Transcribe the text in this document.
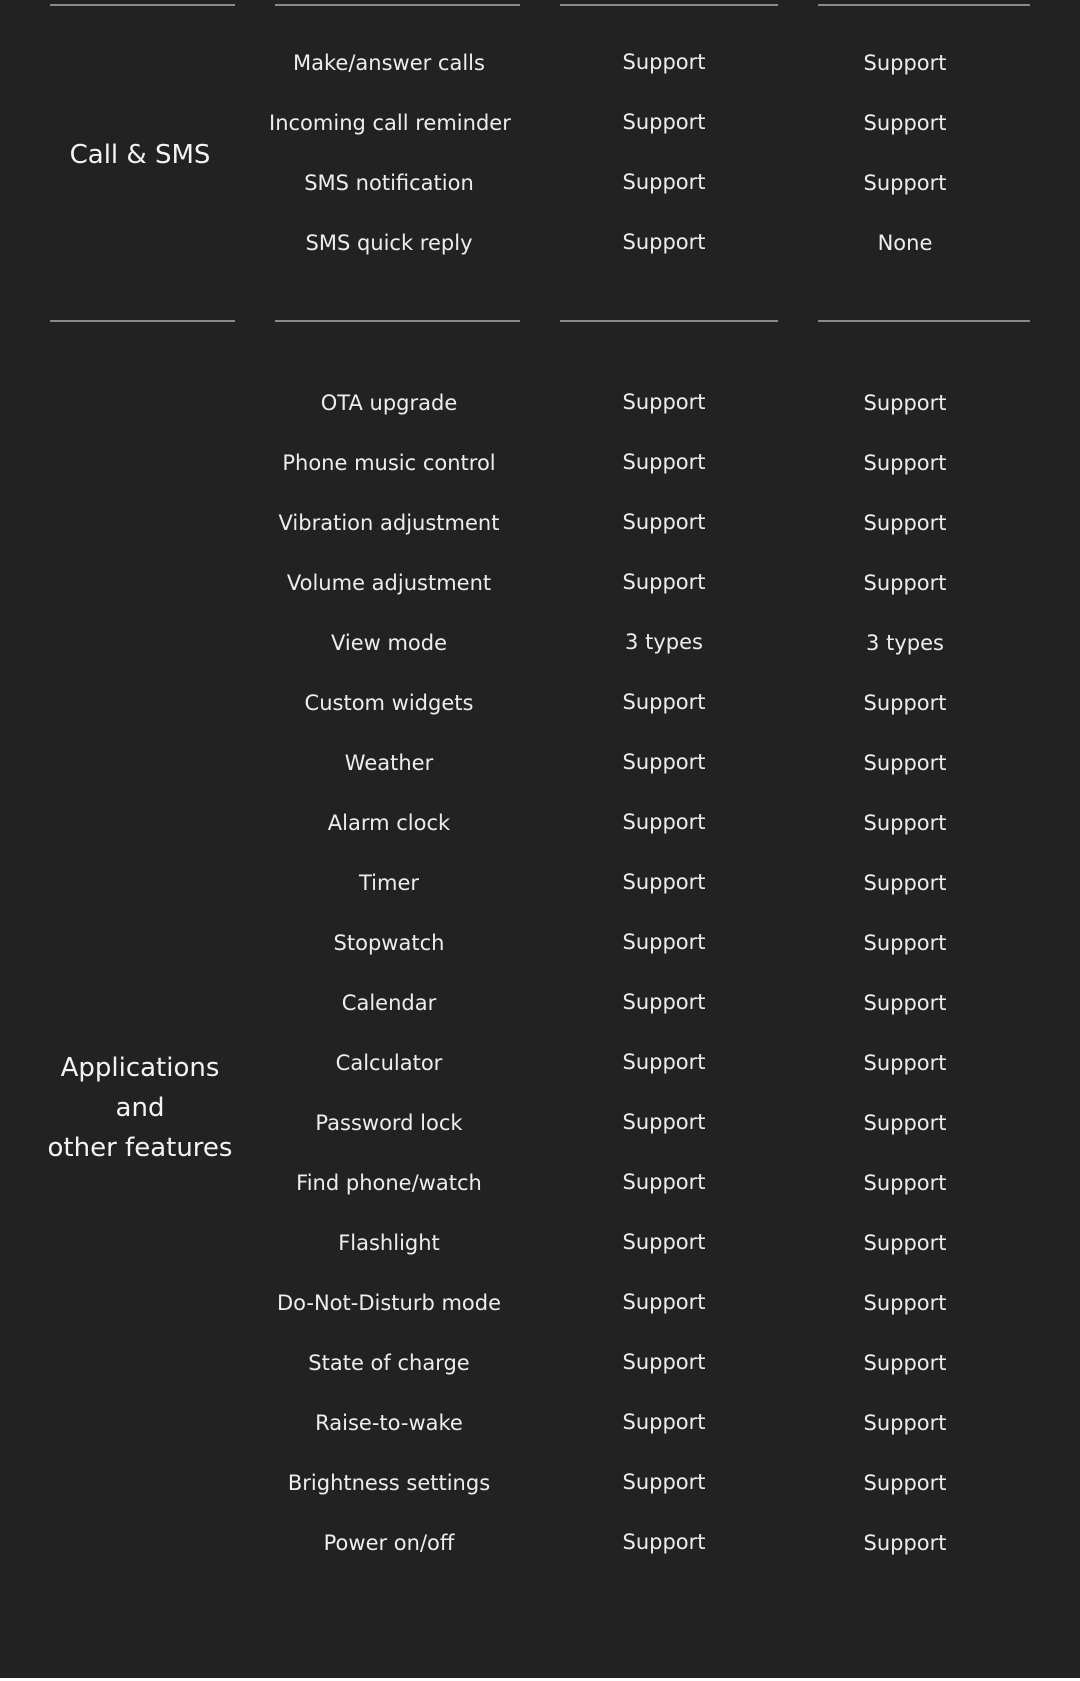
Call & SMS
Make/answer calls	Support	Support
Incoming call reminder	Support	Support
SMS notification	Support	Support
SMS quick reply	Support	None
Applications
and
other features
OTA upgrade	Support	Support
Phone music control	Support	Support
Vibration adjustment	Support	Support
Volume adjustment	Support	Support
View mode	3 types	3 types
Custom widgets	Support	Support
Weather	Support	Support
Alarm clock	Support	Support
Timer	Support	Support
Stopwatch	Support	Support
Calendar	Support	Support
Calculator	Support	Support
Password lock	Support	Support
Find phone/watch	Support	Support
Flashlight	Support	Support
Do-Not-Disturb mode	Support	Support
State of charge	Support	Support
Raise-to-wake	Support	Support
Brightness settings	Support	Support
Power on/off	Support	Support
